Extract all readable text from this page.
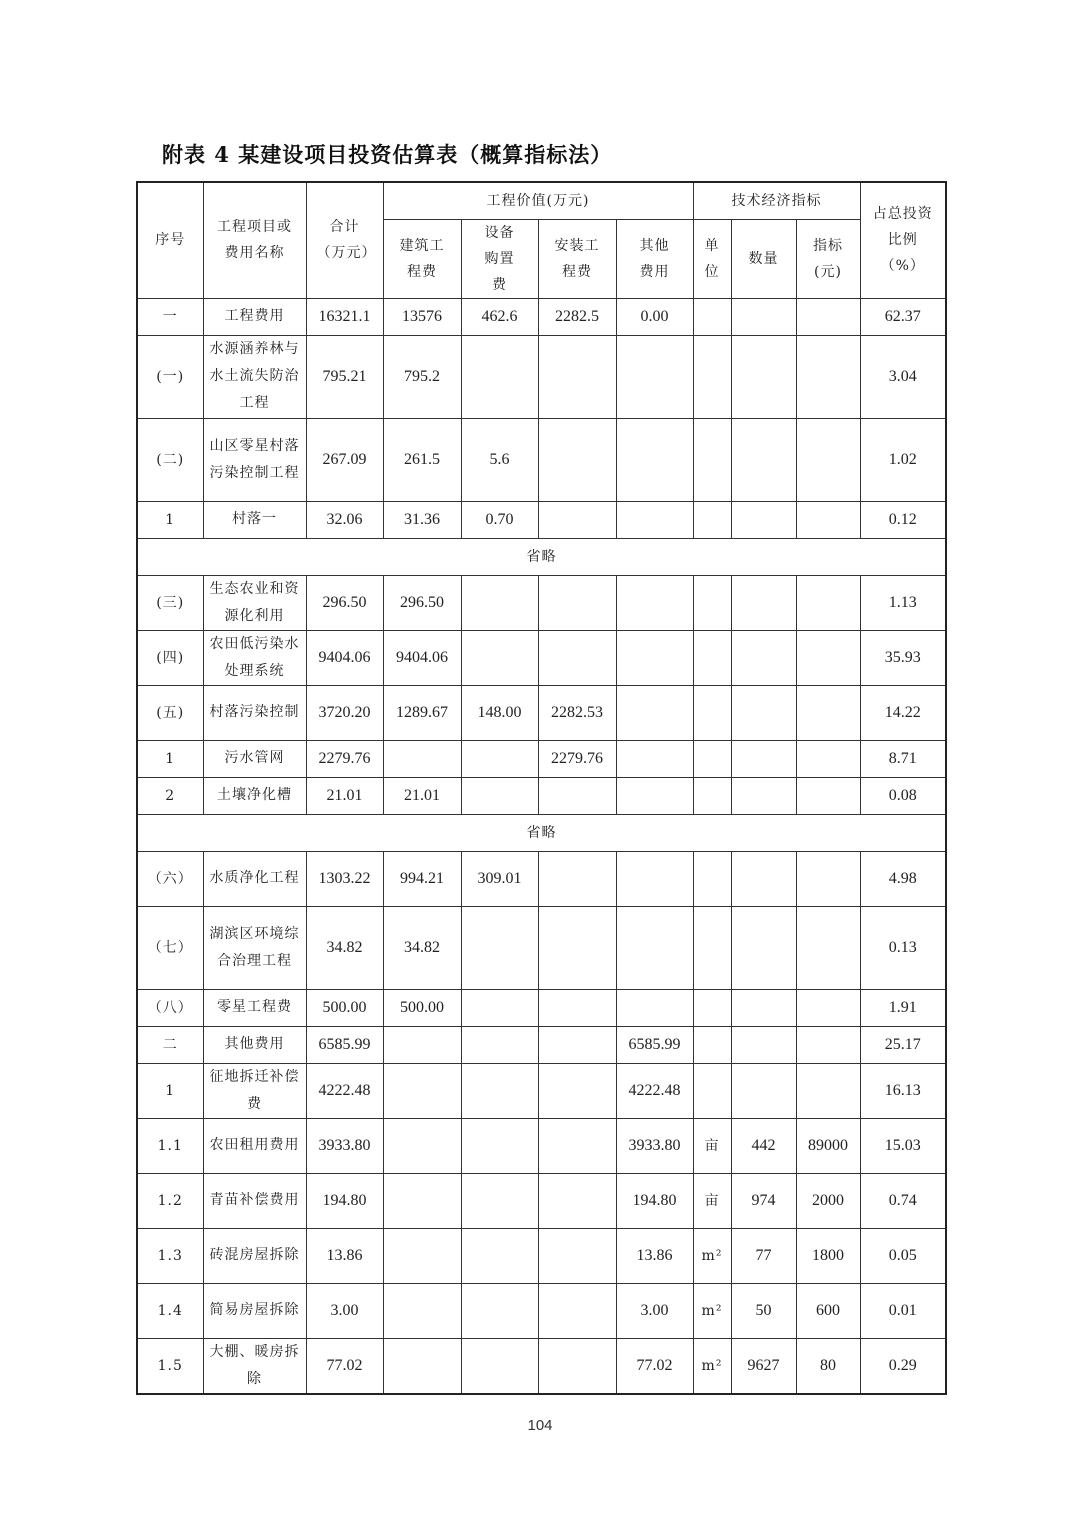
附表 4 某建设项目投资估算表（概算指标法）
序号	工程项目或费用名称	合计（万元）	工程价值(万元)				技术经济指标			占总投资比例（%）
			建筑工程费	设备购置费	安装工程费	其他费用	单位	数量	指标(元)	
一	工程费用	16321.1	13576	462.6	2282.5	0.00				62.37
(一)	水源涵养林与水土流失防治工程	795.21	795.2							3.04
(二)	山区零星村落污染控制工程	267.09	261.5	5.6						1.02
1	村落一	32.06	31.36	0.70						0.12
省略										
(三)	生态农业和资源化利用	296.50	296.50							1.13
(四)	农田低污染水处理系统	9404.06	9404.06							35.93
(五)	村落污染控制	3720.20	1289.67	148.00	2282.53					14.22
1	污水管网	2279.76			2279.76					8.71
2	土壤净化槽	21.01	21.01							0.08
省略										
（六）	水质净化工程	1303.22	994.21	309.01						4.98
（七）	湖滨区环境综合治理工程	34.82	34.82							0.13
（八）	零星工程费	500.00	500.00							1.91
二	其他费用	6585.99				6585.99				25.17
1	征地拆迁补偿费	4222.48				4222.48				16.13
1.1	农田租用费用	3933.80				3933.80	亩	442	89000	15.03
1.2	青苗补偿费用	194.80				194.80	亩	974	2000	0.74
1.3	砖混房屋拆除	13.86				13.86	m²	77	1800	0.05
1.4	简易房屋拆除	3.00				3.00	m²	50	600	0.01
1.5	大棚、暖房拆除	77.02				77.02	m²	9627	80	0.29
104
